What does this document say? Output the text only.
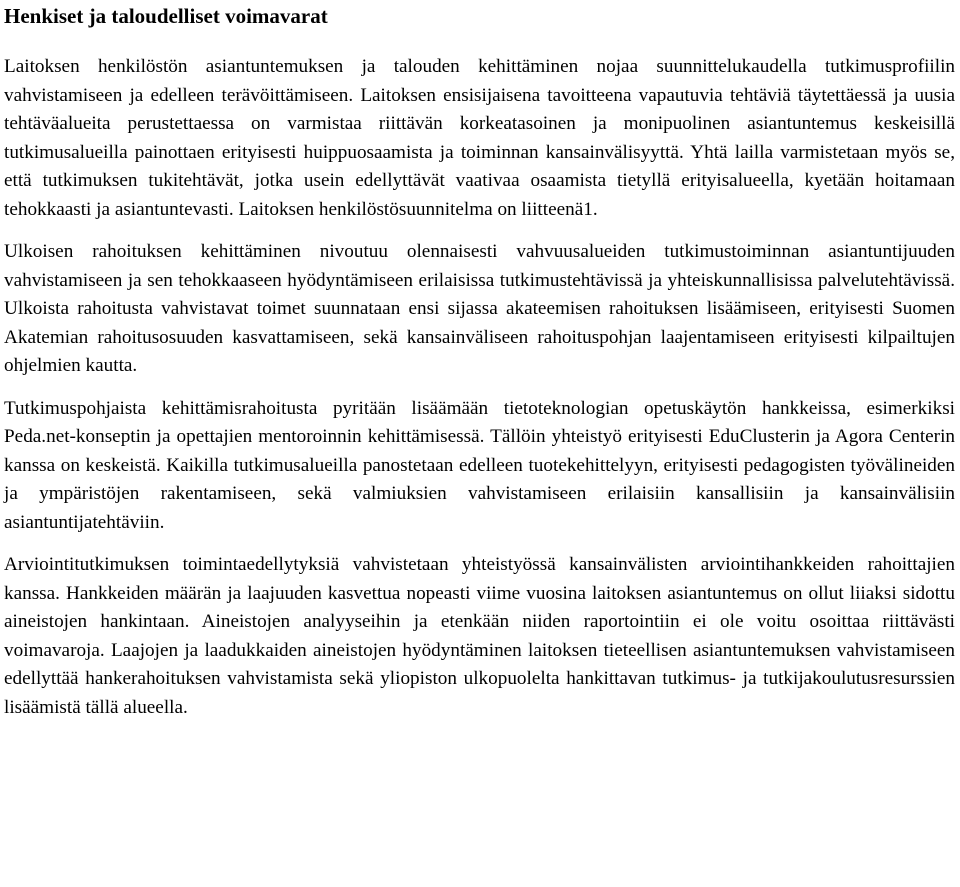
Henkiset ja taloudelliset voimavarat

Laitoksen henkilöstön asiantuntemuksen ja talouden kehittäminen nojaa suunnittelukaudella tutkimusprofiilin vahvistamiseen ja edelleen terävöittämiseen. Laitoksen ensisijaisena tavoitteena vapautuvia tehtäviä täytettäessä ja uusia tehtäväalueita perustettaessa on varmistaa riittävän korkeatasoinen ja monipuolinen asiantuntemus keskeisillä tutkimusalueilla painottaen erityisesti huippuosaamista ja toiminnan kansainvälisyyttä. Yhtä lailla varmistetaan myös se, että tutkimuksen tukitehtävät, jotka usein edellyttävät vaativaa osaamista tietyllä erityisalueella, kyetään hoitamaan tehokkaasti ja asiantuntevasti. Laitoksen henkilöstösuunnitelma on liitteenä1.

Ulkoisen rahoituksen kehittäminen nivoutuu olennaisesti vahvuusalueiden tutkimustoiminnan asiantuntijuuden vahvistamiseen ja sen tehokkaaseen hyödyntämiseen erilaisissa tutkimustehtävissä ja yhteiskunnallisissa palvelutehtävissä. Ulkoista rahoitusta vahvistavat toimet suunnataan ensi sijassa akateemisen rahoituksen lisäämiseen, erityisesti Suomen Akatemian rahoitusosuuden kasvattamiseen, sekä kansainväliseen rahoituspohjan laajentamiseen erityisesti kilpailtujen ohjelmien kautta.

Tutkimuspohjaista kehittämisrahoitusta pyritään lisäämään tietoteknologian opetuskäytön hankkeissa, esimerkiksi Peda.net-konseptin ja opettajien mentoroinnin kehittämisessä. Tällöin yhteistyö erityisesti EduClusterin ja Agora Centerin kanssa on keskeistä. Kaikilla tutkimusalueilla panostetaan edelleen tuotekehittelyyn, erityisesti pedagogisten työvälineiden ja ympäristöjen rakentamiseen, sekä valmiuksien vahvistamiseen erilaisiin kansallisiin ja kansainvälisiin asiantuntijatehtäviin.

Arviointitutkimuksen toimintaedellytyksiä vahvistetaan yhteistyössä kansainvälisten arviointihankkeiden rahoittajien kanssa. Hankkeiden määrän ja laajuuden kasvettua nopeasti viime vuosina laitoksen asiantuntemus on ollut liiaksi sidottu aineistojen hankintaan. Aineistojen analyyseihin ja etenkään niiden raportointiin ei ole voitu osoittaa riittävästi voimavaroja. Laajojen ja laadukkaiden aineistojen hyödyntäminen laitoksen tieteellisen asiantuntemuksen vahvistamiseen edellyttää hankerahoituksen vahvistamista sekä yliopiston ulkopuolelta hankittavan tutkimus- ja tutkijakoulutusresurssien lisäämistä tällä alueella.
